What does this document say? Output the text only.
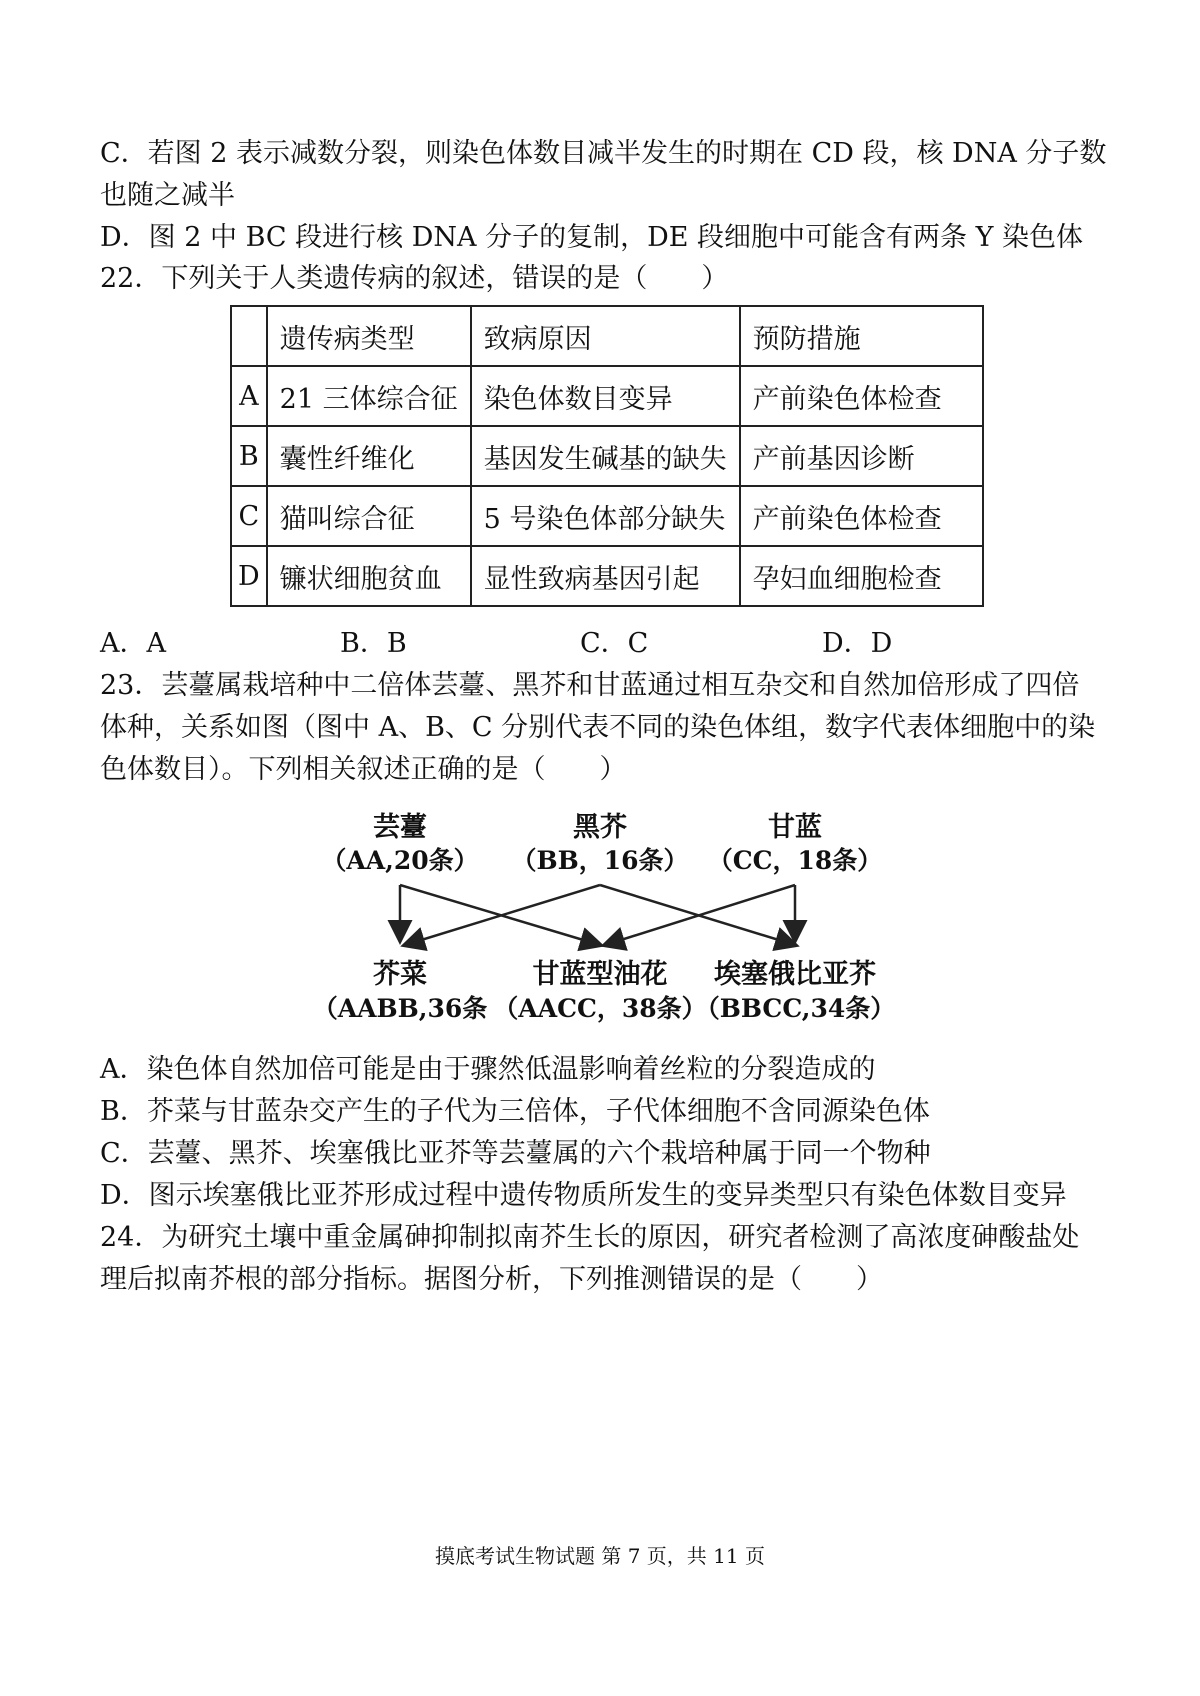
C．若图 2 表示减数分裂，则染色体数目减半发生的时期在 CD 段，核 DNA 分子数
也随之减半
D．图 2 中 BC 段进行核 DNA 分子的复制，DE 段细胞中可能含有两条 Y 染色体
22．下列关于人类遗传病的叙述，错误的是（　　）
	遗传病类型	致病原因	预防措施
A	21 三体综合征	染色体数目变异	产前染色体检查
B	囊性纤维化	基因发生碱基的缺失	产前基因诊断
C	猫叫综合征	5 号染色体部分缺失	产前染色体检查
D	镰状细胞贫血	显性致病基因引起	孕妇血细胞检查
A．A	B．B	C．C	D．D
23．芸薹属栽培种中二倍体芸薹、黑芥和甘蓝通过相互杂交和自然加倍形成了四倍
体种，关系如图（图中 A、B、C 分别代表不同的染色体组，数字代表体细胞中的染
色体数目）。下列相关叙述正确的是（　　）
芸薹
（AA,20条）
黑芥
（BB，16条）
甘蓝
（CC，18条）
芥菜
（AABB,36条
甘蓝型油花
（AACC，38条）
埃塞俄比亚芥
（BBCC,34条）
A．染色体自然加倍可能是由于骤然低温影响着丝粒的分裂造成的
B．芥菜与甘蓝杂交产生的子代为三倍体，子代体细胞不含同源染色体
C．芸薹、黑芥、埃塞俄比亚芥等芸薹属的六个栽培种属于同一个物种
D．图示埃塞俄比亚芥形成过程中遗传物质所发生的变异类型只有染色体数目变异
24．为研究土壤中重金属砷抑制拟南芥生长的原因，研究者检测了高浓度砷酸盐处
理后拟南芥根的部分指标。据图分析，下列推测错误的是（　　）
摸底考试生物试题 第 7 页，共 11 页
